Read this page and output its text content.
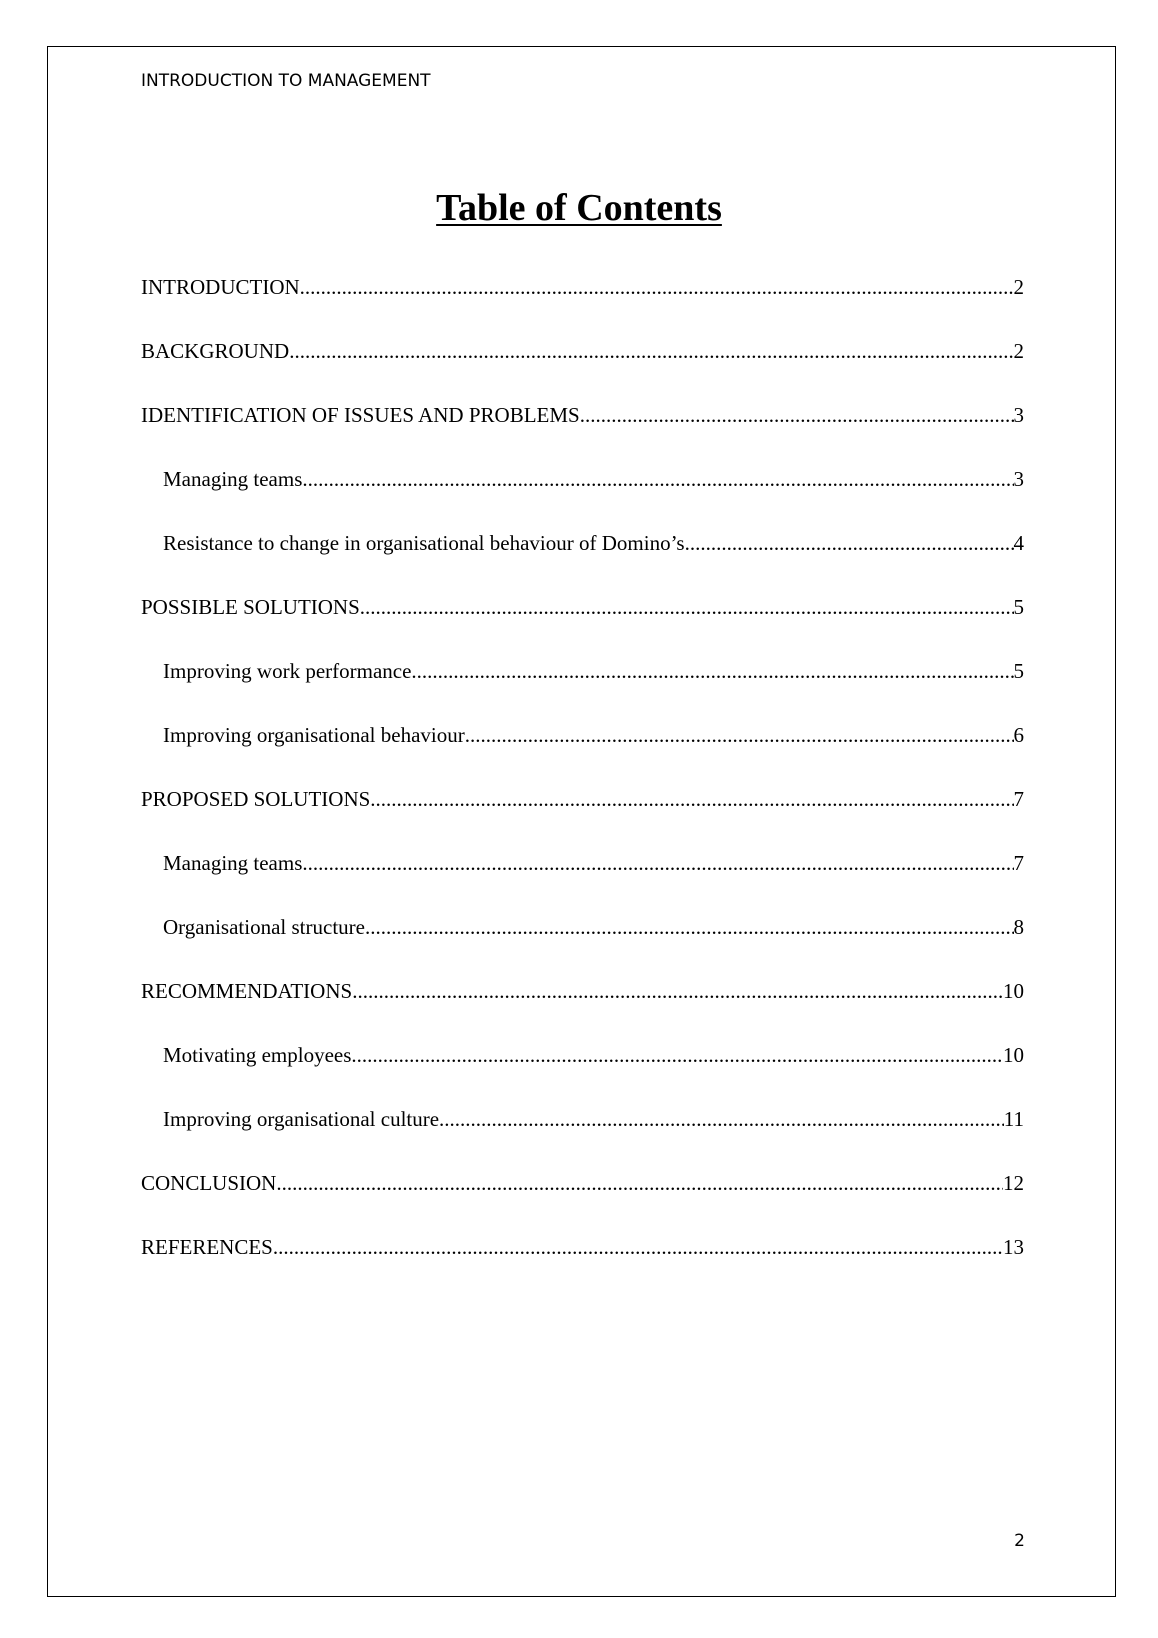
INTRODUCTION TO MANAGEMENT
Table of Contents
INTRODUCTION .....	2
BACKGROUND .....	2
IDENTIFICATION OF ISSUES AND PROBLEMS .....	3
Managing teams .....	3
Resistance to change in organisational behaviour of Domino’s .....	4
POSSIBLE SOLUTIONS .....	5
Improving work performance .....	5
Improving organisational behaviour .....	6
PROPOSED SOLUTIONS .....	7
Managing teams .....	7
Organisational structure .....	8
RECOMMENDATIONS .....	10
Motivating employees .....	10
Improving organisational culture .....	11
CONCLUSION .....	12
REFERENCES .....	13
2
